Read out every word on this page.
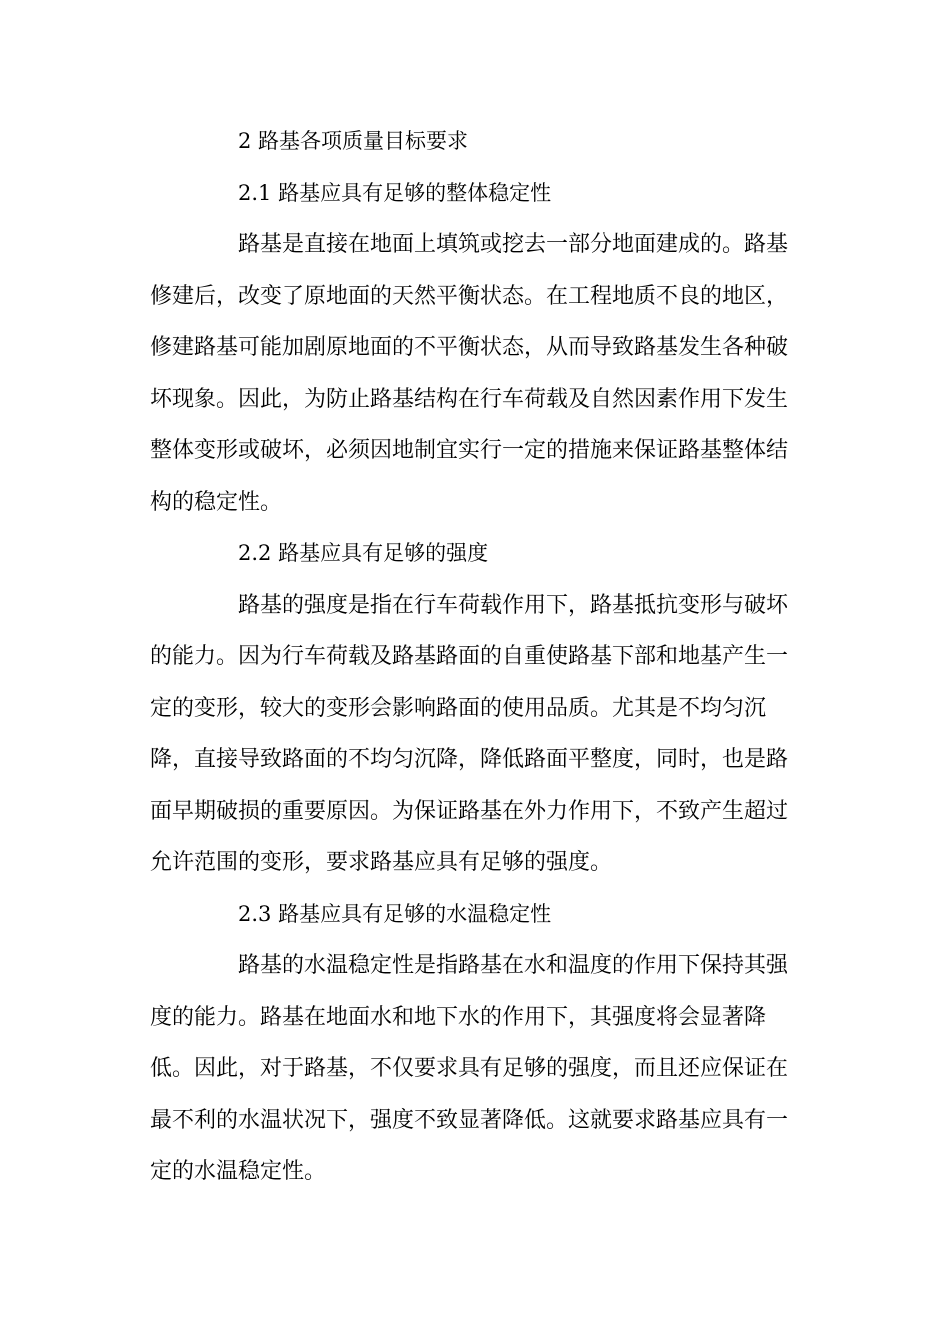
2 路基各项质量目标要求
2.1 路基应具有足够的整体稳定性
路基是直接在地面上填筑或挖去一部分地面建成的。路基
修建后，改变了原地面的天然平衡状态。在工程地质不良的地区，
修建路基可能加剧原地面的不平衡状态，从而导致路基发生各种破
坏现象。因此，为防止路基结构在行车荷载及自然因素作用下发生
整体变形或破坏，必须因地制宜实行一定的措施来保证路基整体结
构的稳定性。
2.2 路基应具有足够的强度
路基的强度是指在行车荷载作用下，路基抵抗变形与破坏
的能力。因为行车荷载及路基路面的自重使路基下部和地基产生一
定的变形，较大的变形会影响路面的使用品质。尤其是不均匀沉
降，直接导致路面的不均匀沉降，降低路面平整度，同时，也是路
面早期破损的重要原因。为保证路基在外力作用下，不致产生超过
允许范围的变形，要求路基应具有足够的强度。
2.3 路基应具有足够的水温稳定性
路基的水温稳定性是指路基在水和温度的作用下保持其强
度的能力。路基在地面水和地下水的作用下，其强度将会显著降
低。因此，对于路基，不仅要求具有足够的强度，而且还应保证在
最不利的水温状况下，强度不致显著降低。这就要求路基应具有一
定的水温稳定性。
